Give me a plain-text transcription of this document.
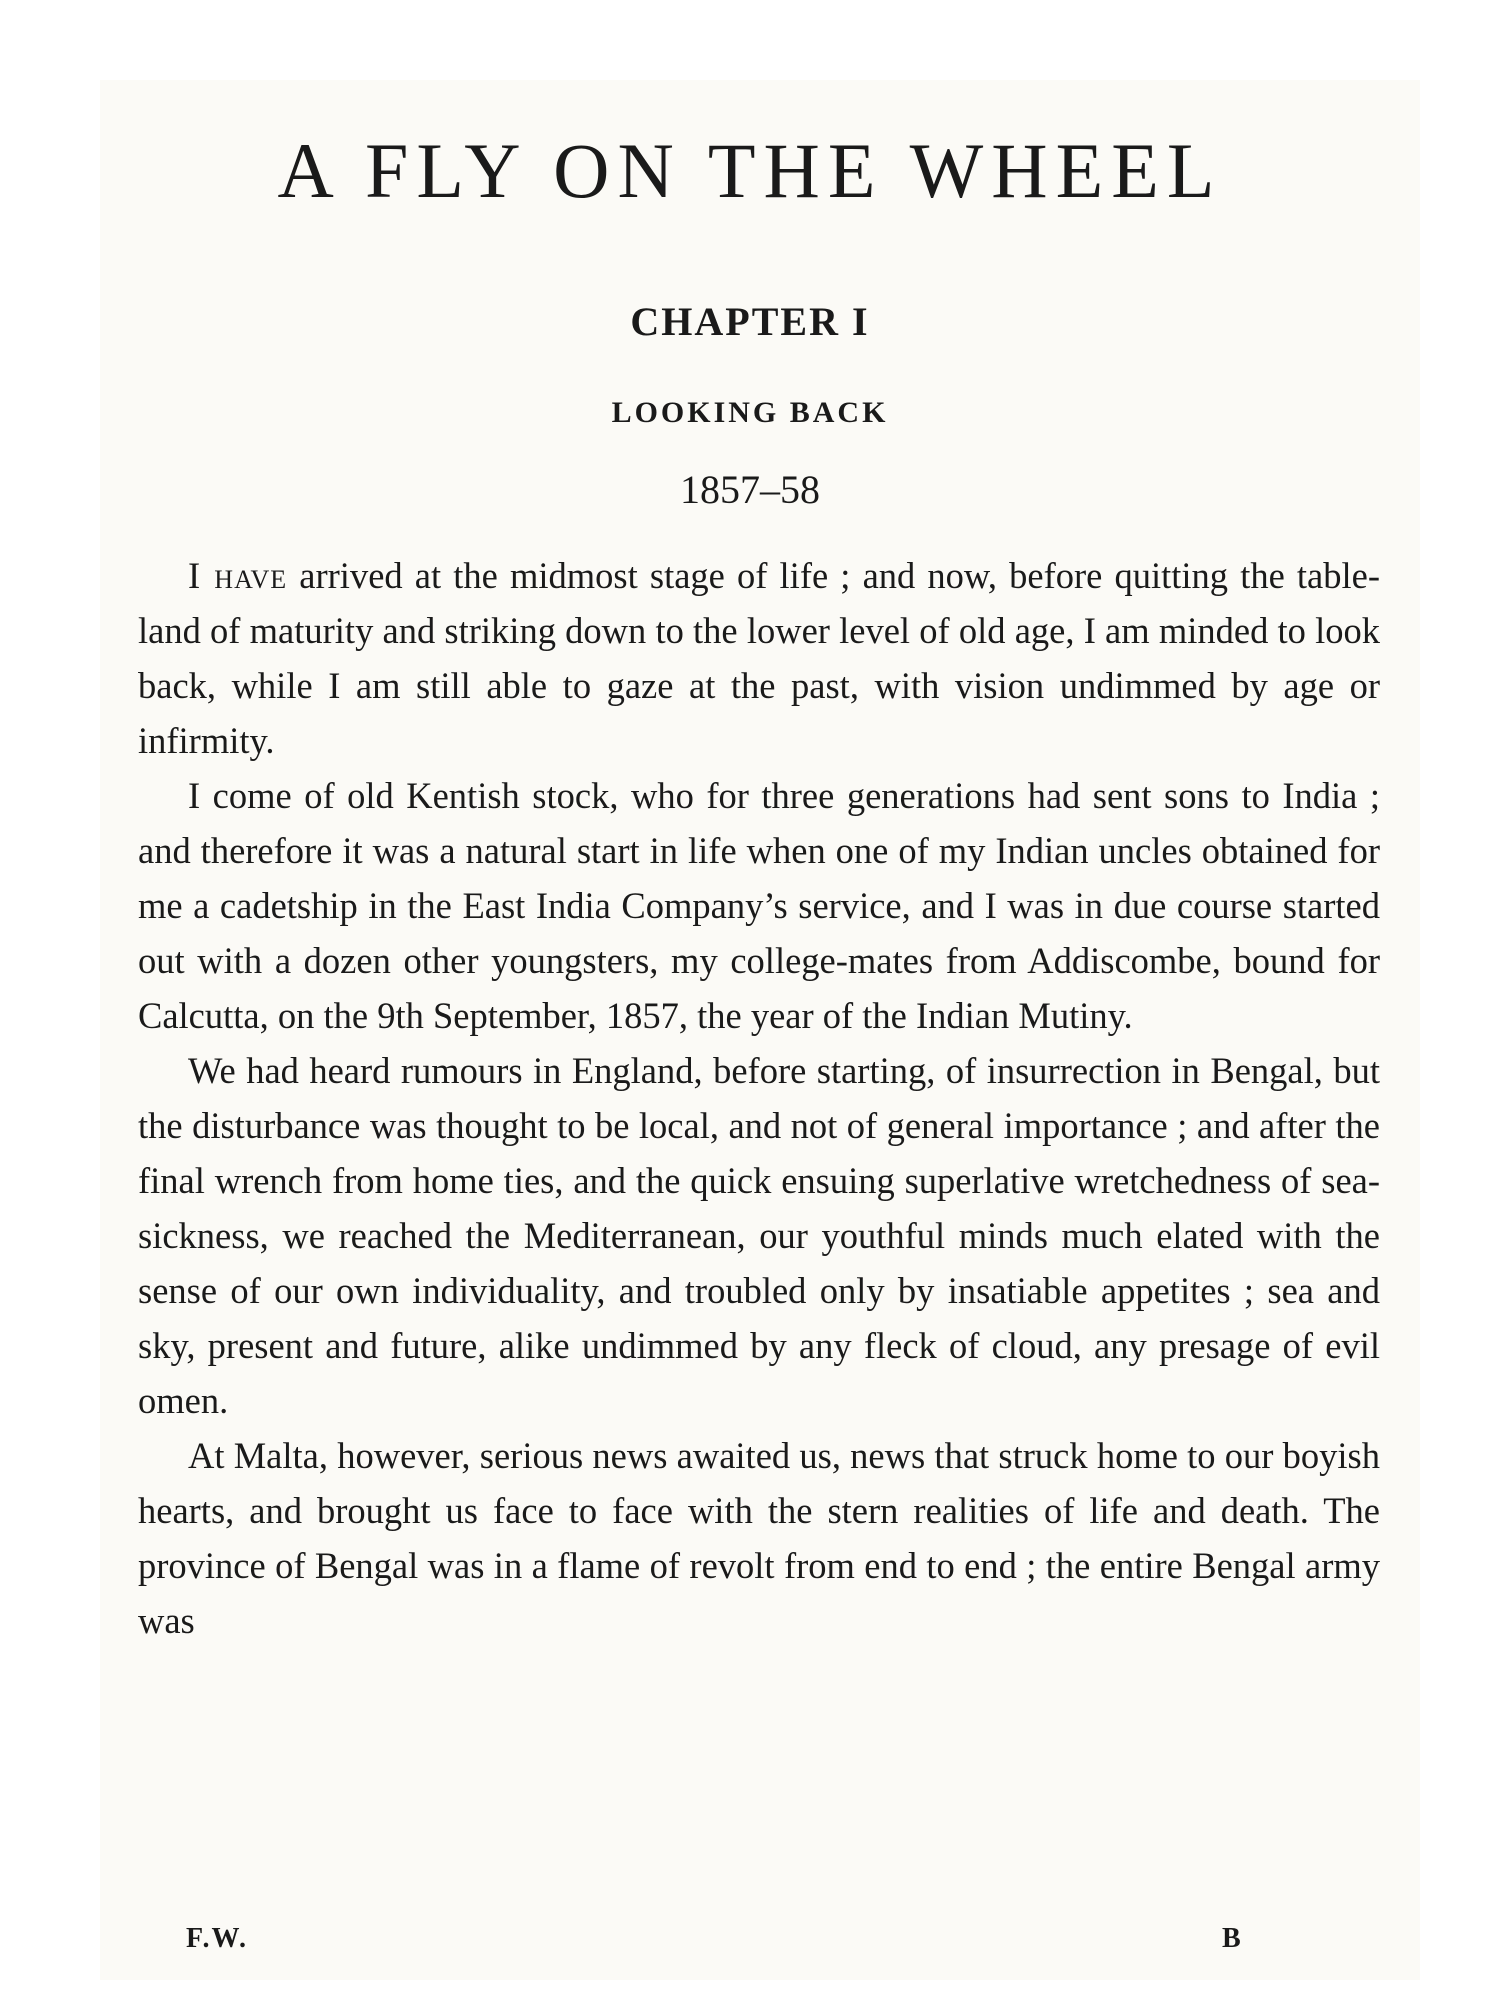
A FLY ON THE WHEEL
CHAPTER I
LOOKING BACK
1857–58

I have arrived at the midmost stage of life ; and now, before quitting the table-land of maturity and striking down to the lower level of old age, I am minded to look back, while I am still able to gaze at the past, with vision undimmed by age or infirmity.

I come of old Kentish stock, who for three generations had sent sons to India ; and therefore it was a natural start in life when one of my Indian uncles obtained for me a cadetship in the East India Company’s service, and I was in due course started out with a dozen other youngsters, my college-mates from Addiscombe, bound for Calcutta, on the 9th September, 1857, the year of the Indian Mutiny.

We had heard rumours in England, before starting, of insurrection in Bengal, but the disturbance was thought to be local, and not of general importance ; and after the final wrench from home ties, and the quick ensuing superlative wretchedness of sea-sickness, we reached the Mediterranean, our youthful minds much elated with the sense of our own individuality, and troubled only by insatiable appetites ; sea and sky, present and future, alike undimmed by any fleck of cloud, any presage of evil omen.

At Malta, however, serious news awaited us, news that struck home to our boyish hearts, and brought us face to face with the stern realities of life and death. The province of Bengal was in a flame of revolt from end to end ; the entire Bengal army was

F.W.	B
